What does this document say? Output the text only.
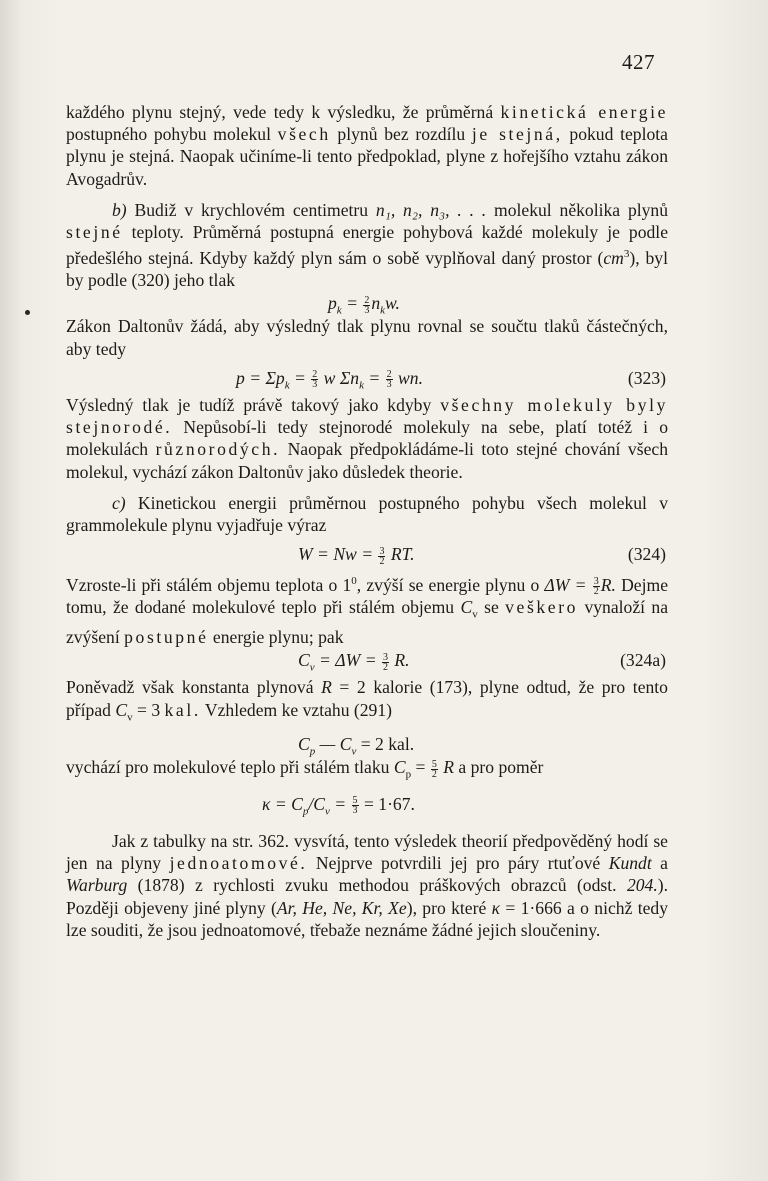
427

každého plynu stejný, vede tedy k výsledku, že průměrná kinetická energie postupného pohybu molekul všech plynů bez rozdílu je stejná, pokud teplota plynu je stejná. Naopak učiníme-li tento předpoklad, plyne z hořejšího vztahu zákon Avogadrův.

b) Budiž v krychlovém centimetru n₁, n₂, n₃, . . . molekul několika plynů stejné teploty. Průměrná postupná energie pohybová každé molekuly je podle předešlého stejná. Kdyby každý plyn sám o sobě vyplňoval daný prostor $(cm^3)$, byl by podle (320) jeho tlak

$p_k = \frac{2}{3} n_kw$.

Zákon Daltonův žádá, aby výsledný tlak plynu rovnal se součtu tlaků částečných, aby tedy

$p = \Sigma p_k = \frac{2}{3}$ w $\Sigma n_k = \frac{2}{3}$ wn.	(323)

Výsledný tlak je tudíž právě takový jako kdyby všechny molekuly byly stejnorodé. Nepůsobí-li tedy stejnorodé molekuly na sebe, platí totéž i o molekulách různorodých. Naopak předpokládáme-li toto stejné chování všech molekul, vychází zákon Daltonův jako důsledek theorie.

c) Kinetickou energii průměrnou postupného pohybu všech molekul v grammolekule plynu vyjadřuje výraz

$W = Nw = \frac{3}{2}$ RT.	(324)

Vzroste-li při stálém objemu teplota o $1^0$, zvýší se energie plynu o $\Delta W = \frac{3}{2} R$. Dejme tomu, že dodané molekulové teplo při stálém objemu $C_v$ se veškero vynaloží na zvýšení postupné energie plynu; pak

$C_v = \Delta W = \frac{3}{2} R$.	(324a)

Poněvadž však konstanta plynová R = 2 kalorie (173), plyne odtud, že pro tento případ $C_v = 3$ kal. Vzhledem ke vztahu (291)

$C_p$ — $C_v = 2$ kal.

vychází pro molekulové teplo při stálém tlaku $C_p = \frac{5}{2}$ R a pro poměr

$\kappa = C_p/C_v = \frac{5}{3} = 1\cdot 67$.

Jak z tabulky na str. 362. vysvítá, tento výsledek theorií předpověděný hodí se jen na plyny jednoatomové. Nejprve potvrdili jej pro páry rtuťové Kundt a Warburg (1878) z rychlosti zvuku methodou práškových obrazců (odst. 204.). Později objeveny jiné plyny (Ar, He, Ne, Kr, Xe), pro které κ = 1·666 a o nichž tedy lze souditi, že jsou jednoatomové, třebaže neznáme žádné jejich sloučeniny.
